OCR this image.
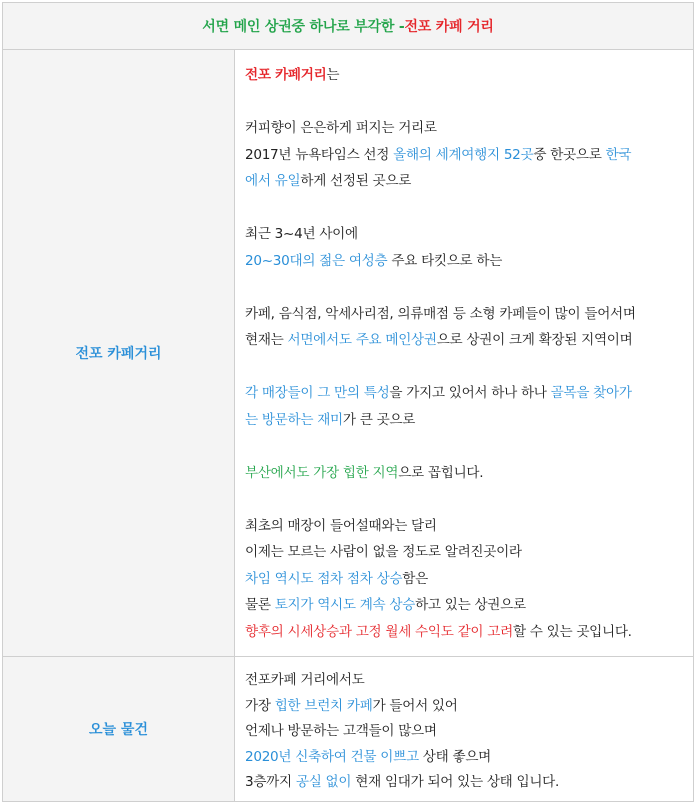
서면 메인 상권중 하나로 부각한 - 전포 카페 거리
전포 카페거리
전포 카페거리는
커피향이 은은하게 퍼지는 거리로
2017년 뉴욕타임스 선정 올해의 세계여행지 52곳중 한곳으로 한국
에서 유일하게 선정된 곳으로
최근 3~4년 사이에
20~30대의 젊은 여성층 주요 타킷으로 하는
카페, 음식점, 악세사리점, 의류매점 등 소형 카페들이 많이 들어서며
현재는 서면에서도 주요 메인상권으로 상권이 크게 확장된 지역이며
각 매장들이 그 만의 특성을 가지고 있어서 하나 하나 골목을 찾아가
는 방문하는 재미가 큰 곳으로
부산에서도 가장 힙한 지역으로 꼽힙니다.
최초의 매장이 들어설때와는 달리
이제는 모르는 사람이 없을 정도로 알려진곳이라
차임 역시도 점차 점차 상승함은
물론 토지가 역시도 계속 상승하고 있는 상권으로
향후의 시세상승과 고정 월세 수익도 같이 고려할 수 있는 곳입니다.
오늘 물건
전포카페 거리에서도
가장 힙한 브런치 카페가 들어서 있어
언제나 방문하는 고객들이 많으며
2020년 신축하여 건물 이쁘고 상태 좋으며
3층까지 공실 없이 현재 임대가 되어 있는 상태 입니다.
